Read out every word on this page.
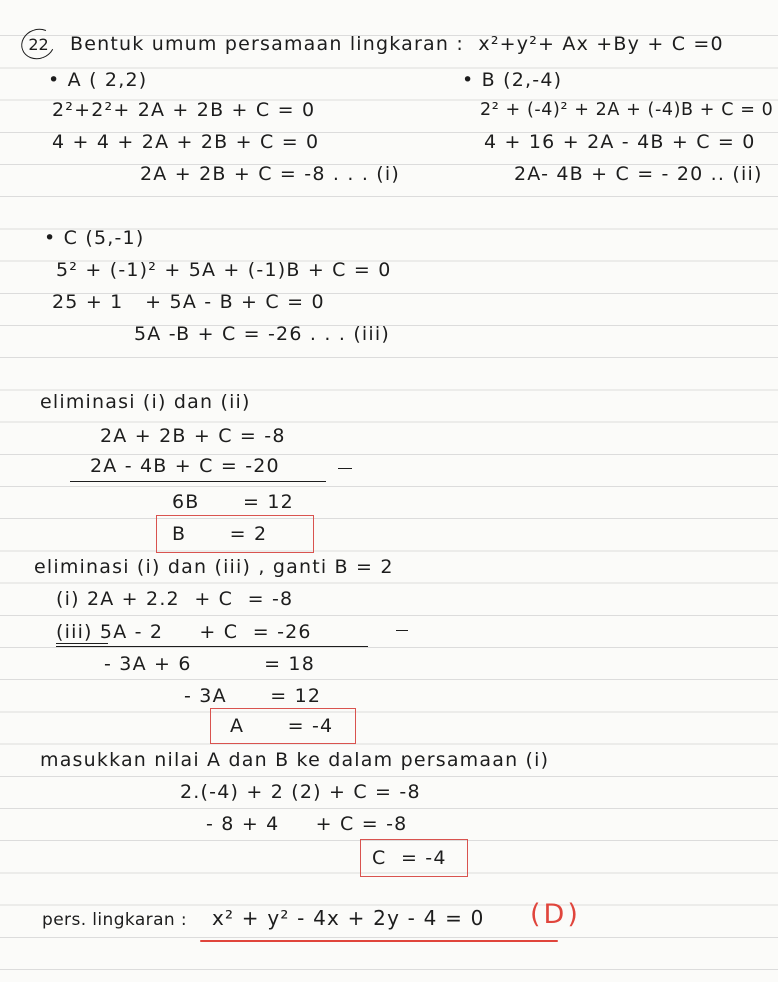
22	Bentuk umum persamaan lingkaran :  x²+y²+ Ax +By + C =0
• A ( 2,2)
2²+2²+ 2A + 2B + C = 0
4 + 4 + 2A + 2B + C = 0
2A + 2B + C = -8 . . . (i)
• B (2,-4)
2² + (-4)² + 2A + (-4)B + C = 0
4 + 16 + 2A - 4B + C = 0
2A- 4B + C = - 20 .. (ii)
• C (5,-1)
5² + (-1)² + 5A + (-1)B + C = 0
25 + 1   + 5A - B + C = 0
5A -B + C = -26 . . . (iii)
eliminasi (i) dan (ii)
2A + 2B + C = -8
2A - 4B + C = -20
6B      = 12
B      = 2
eliminasi (i) dan (iii) , ganti B = 2
(i) 2A + 2.2  + C  = -8
(iii) 5A - 2     + C  = -26
- 3A + 6          = 18
- 3A      = 12
A      = -4
masukkan nilai A dan B ke dalam persamaan (i)
2.(-4) + 2 (2) + C = -8
- 8 + 4     + C = -8
C  = -4
pers. lingkaran : x² + y² - 4x + 2y - 4 = 0 (D)
